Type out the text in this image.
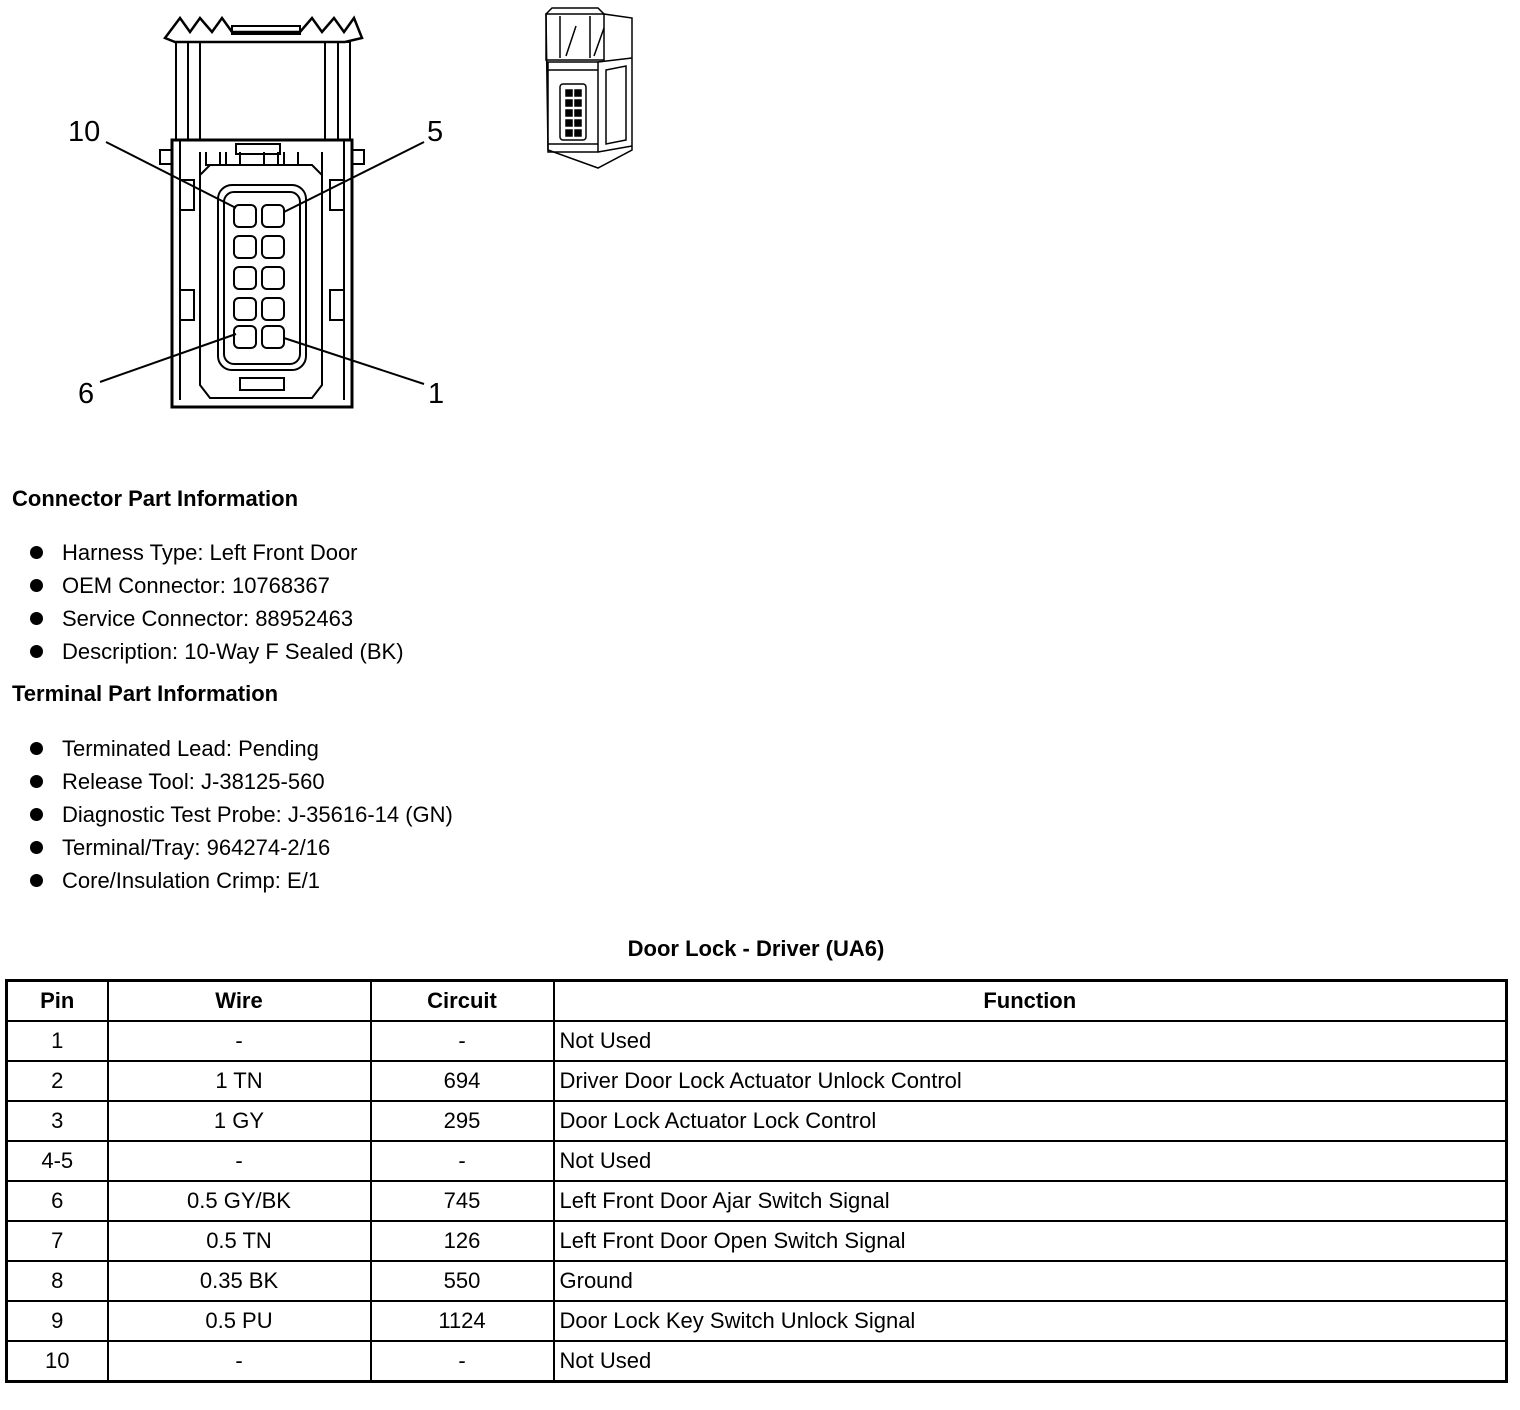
10	5
6	1
Connector Part Information
Harness Type: Left Front Door
OEM Connector: 10768367
Service Connector: 88952463
Description: 10-Way F Sealed (BK)
Terminal Part Information
Terminated Lead: Pending
Release Tool: J-38125-560
Diagnostic Test Probe: J-35616-14 (GN)
Terminal/Tray: 964274-2/16
Core/Insulation Crimp: E/1
Door Lock - Driver (UA6)
Pin	Wire	Circuit	Function
1	-	-	Not Used
2	1 TN	694	Driver Door Lock Actuator Unlock Control
3	1 GY	295	Door Lock Actuator Lock Control
4-5	-	-	Not Used
6	0.5 GY/BK	745	Left Front Door Ajar Switch Signal
7	0.5 TN	126	Left Front Door Open Switch Signal
8	0.35 BK	550	Ground
9	0.5 PU	1124	Door Lock Key Switch Unlock Signal
10	-	-	Not Used
